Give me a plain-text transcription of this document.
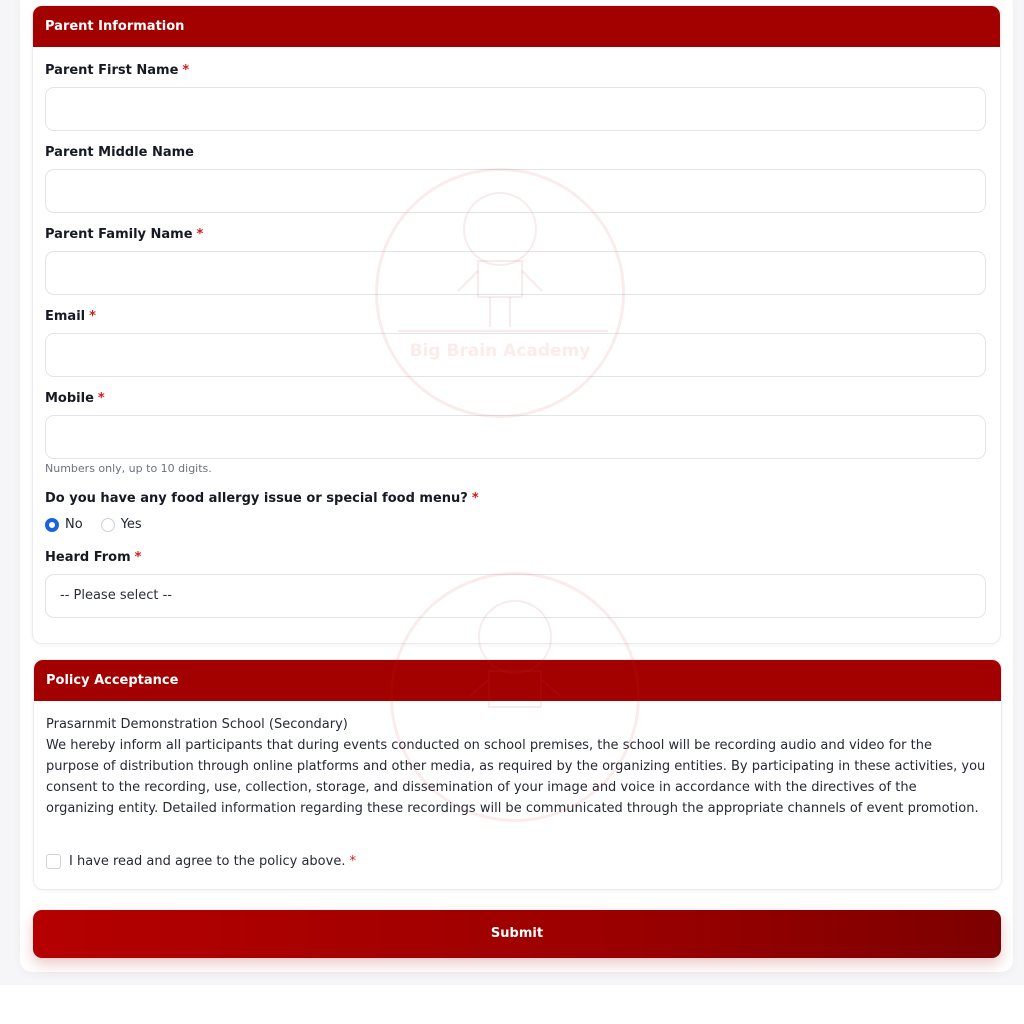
Parent Information
Parent First Name *
Parent Middle Name
Parent Family Name *
Email *
Mobile *
Numbers only, up to 10 digits.
Do you have any food allergy issue or special food menu? *
No	Yes
Heard From *
-- Please select --
Policy Acceptance

Prasarnmit Demonstration School (Secondary)

We hereby inform all participants that during events conducted on school premises, the school will be recording audio and video for the purpose of distribution through online platforms and other media, as required by the organizing entities. By participating in these activities, you consent to the recording, use, collection, storage, and dissemination of your image and voice in accordance with the directives of the organizing entity. Detailed information regarding these recordings will be communicated through the appropriate channels of event promotion.

I have read and agree to the policy above. *
Submit
